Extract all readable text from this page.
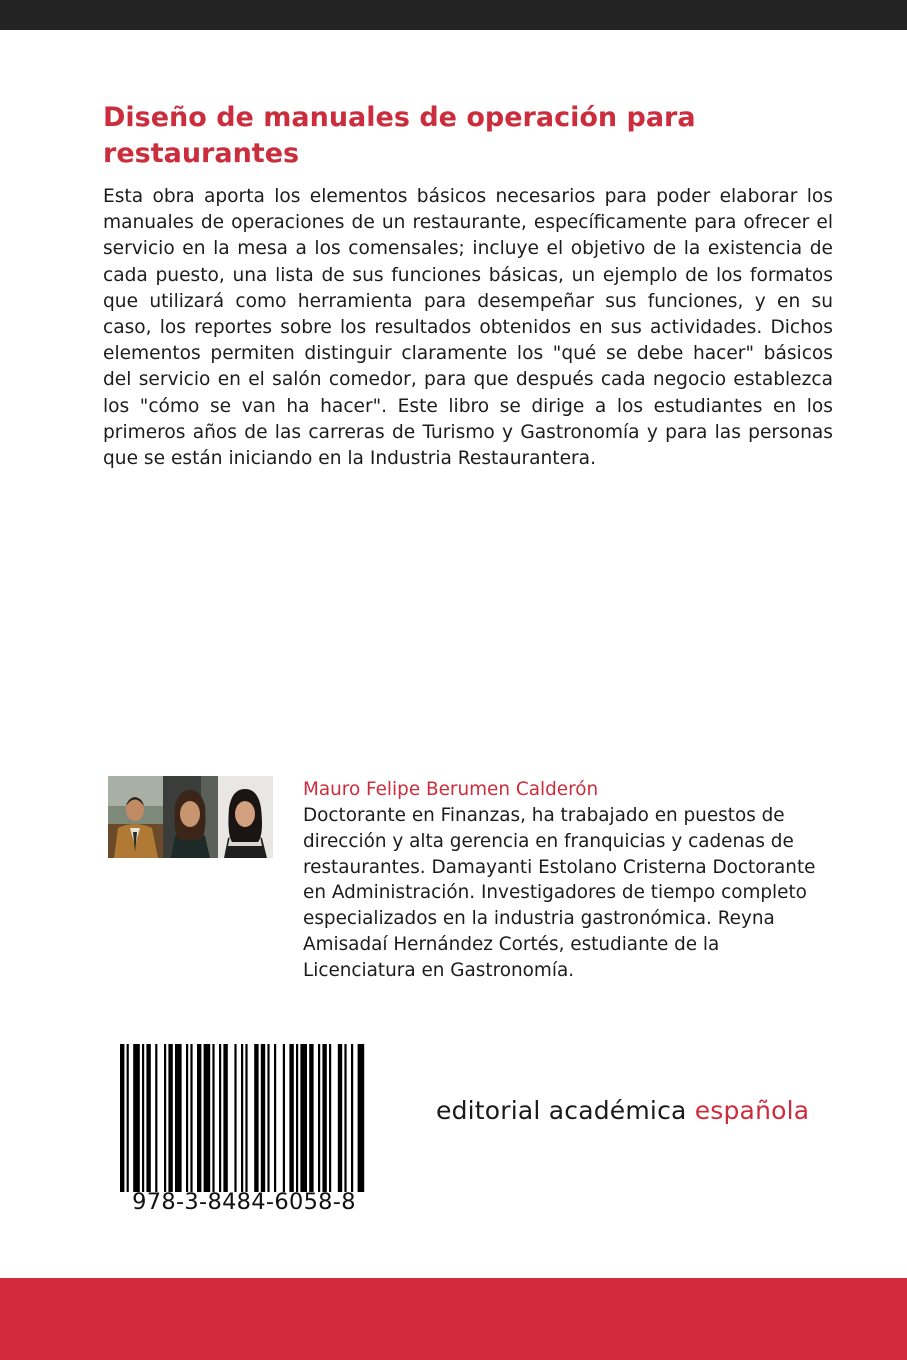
Diseño de manuales de operación para restaurantes

Esta obra aporta los elementos básicos necesarios para poder elaborar los manuales de operaciones de un restaurante, específicamente para ofrecer el servicio en la mesa a los comensales; incluye el objetivo de la existencia de cada puesto, una lista de sus funciones básicas, un ejemplo de los formatos que utilizará como herramienta para desempeñar sus funciones, y en su caso, los reportes sobre los resultados obtenidos en sus actividades. Dichos elementos permiten distinguir claramente los "qué se debe hacer" básicos del servicio en el salón comedor, para que después cada negocio establezca los "cómo se van ha hacer". Este libro se dirige a los estudiantes en los primeros años de las carreras de Turismo y Gastronomía y para las personas que se están iniciando en la Industria Restaurantera.

Mauro Felipe Berumen Calderón

Doctorante en Finanzas, ha trabajado en puestos de dirección y alta gerencia en franquicias y cadenas de restaurantes. Damayanti Estolano Cristerna Doctorante en Administración. Investigadores de tiempo completo especializados en la industria gastronómica. Reyna Amisadaí Hernández Cortés, estudiante de la Licenciatura en Gastronomía.

978-3-8484-6058-8

editorial académica española
